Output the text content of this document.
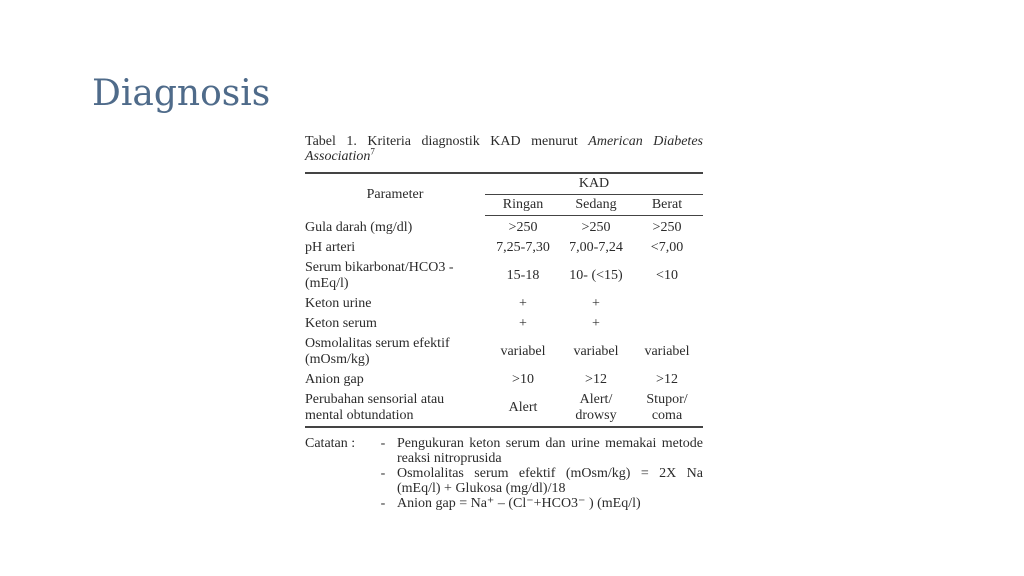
Diagnosis

Tabel 1. Kriteria diagnostik KAD menurut American Diabetes Association$^7$

Parameter	KAD		
	Ringan	Sedang	Berat
Gula darah (mg/dl)	>250	>250	>250
pH arteri	7,25-7,30	7,00-7,24	<7,00
Serum bikarbonat/HCO3 - (mEq/l)	15-18	10- (<15)	<10
Keton urine	+	+	
Keton serum	+	+	
Osmolalitas serum efektif (mOsm/kg)	variabel	variabel	variabel
Anion gap	>10	>12	>12
Perubahan sensorial atau mental obtundation	Alert	Alert/ drowsy	Stupor/ coma
Catatan :	- Pengukuran keton serum dan urine memakai metode reaksi nitroprusida
- Osmolalitas serum efektif (mOsm/kg) = 2X Na (mEq/l) + Glukosa (mg/dl)/18
- Anion gap = Na⁺ – (Cl⁻+HCO3⁻ ) (mEq/l)
